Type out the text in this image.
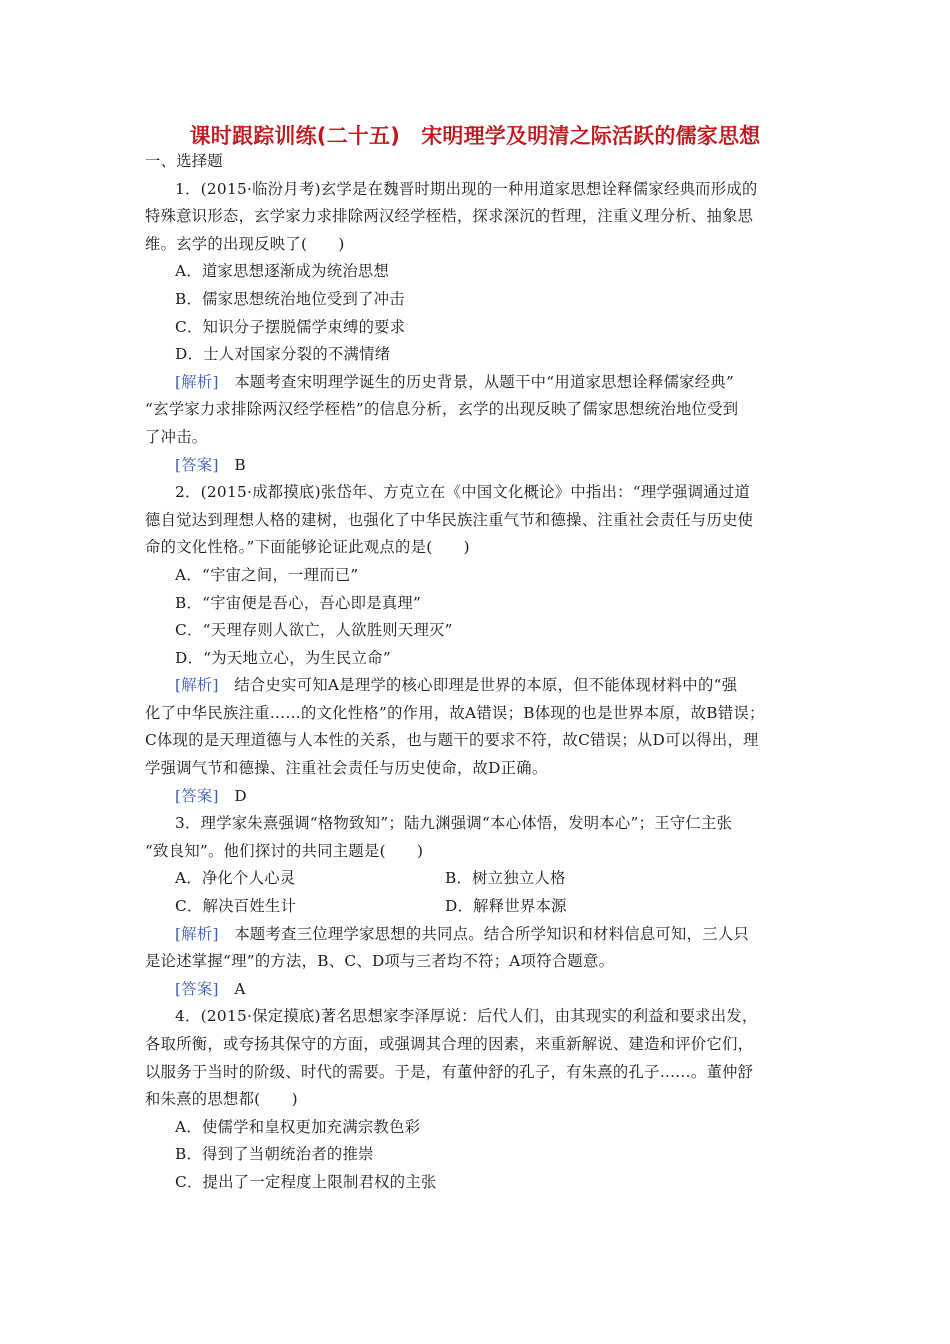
课时跟踪训练(二十五)　宋明理学及明清之际活跃的儒家思想
一、选择题
1．(2015·临汾月考)玄学是在魏晋时期出现的一种用道家思想诠释儒家经典而形成的
特殊意识形态，玄学家力求排除两汉经学桎梏，探求深沉的哲理，注重义理分析、抽象思
维。玄学的出现反映了(　　)
A．道家思想逐渐成为统治思想
B．儒家思想统治地位受到了冲击
C．知识分子摆脱儒学束缚的要求
D．士人对国家分裂的不满情绪
[解析]　本题考查宋明理学诞生的历史背景，从题干中“用道家思想诠释儒家经典”
“玄学家力求排除两汉经学桎梏”的信息分析，玄学的出现反映了儒家思想统治地位受到
了冲击。
[答案]　B
2．(2015·成都摸底)张岱年、方克立在《中国文化概论》中指出：“理学强调通过道
德自觉达到理想人格的建树，也强化了中华民族注重气节和德操、注重社会责任与历史使
命的文化性格。”下面能够论证此观点的是(　　)
A．“宇宙之间，一理而已”
B．“宇宙便是吾心，吾心即是真理”
C．“天理存则人欲亡，人欲胜则天理灭”
D．“为天地立心，为生民立命”
[解析]　结合史实可知A是理学的核心即理是世界的本原，但不能体现材料中的“强
化了中华民族注重……的文化性格”的作用，故A错误；B体现的也是世界本原，故B错误；
C体现的是天理道德与人本性的关系，也与题干的要求不符，故C错误；从D可以得出，理
学强调气节和德操、注重社会责任与历史使命，故D正确。
[答案]　D
3．理学家朱熹强调“格物致知”；陆九渊强调“本心体悟，发明本心”；王守仁主张
“致良知”。他们探讨的共同主题是(　　)
A．净化个人心灵	B．树立独立人格
C．解决百姓生计	D．解释世界本源
[解析]　本题考查三位理学家思想的共同点。结合所学知识和材料信息可知，三人只
是论述掌握“理”的方法，B、C、D项与三者均不符；A项符合题意。
[答案]　A
4．(2015·保定摸底)著名思想家李泽厚说：后代人们，由其现实的利益和要求出发，
各取所衡，或夸扬其保守的方面，或强调其合理的因素，来重新解说、建造和评价它们，
以服务于当时的阶级、时代的需要。于是，有董仲舒的孔子，有朱熹的孔子……。董仲舒
和朱熹的思想都(　　)
A．使儒学和皇权更加充满宗教色彩
B．得到了当朝统治者的推崇
C．提出了一定程度上限制君权的主张
